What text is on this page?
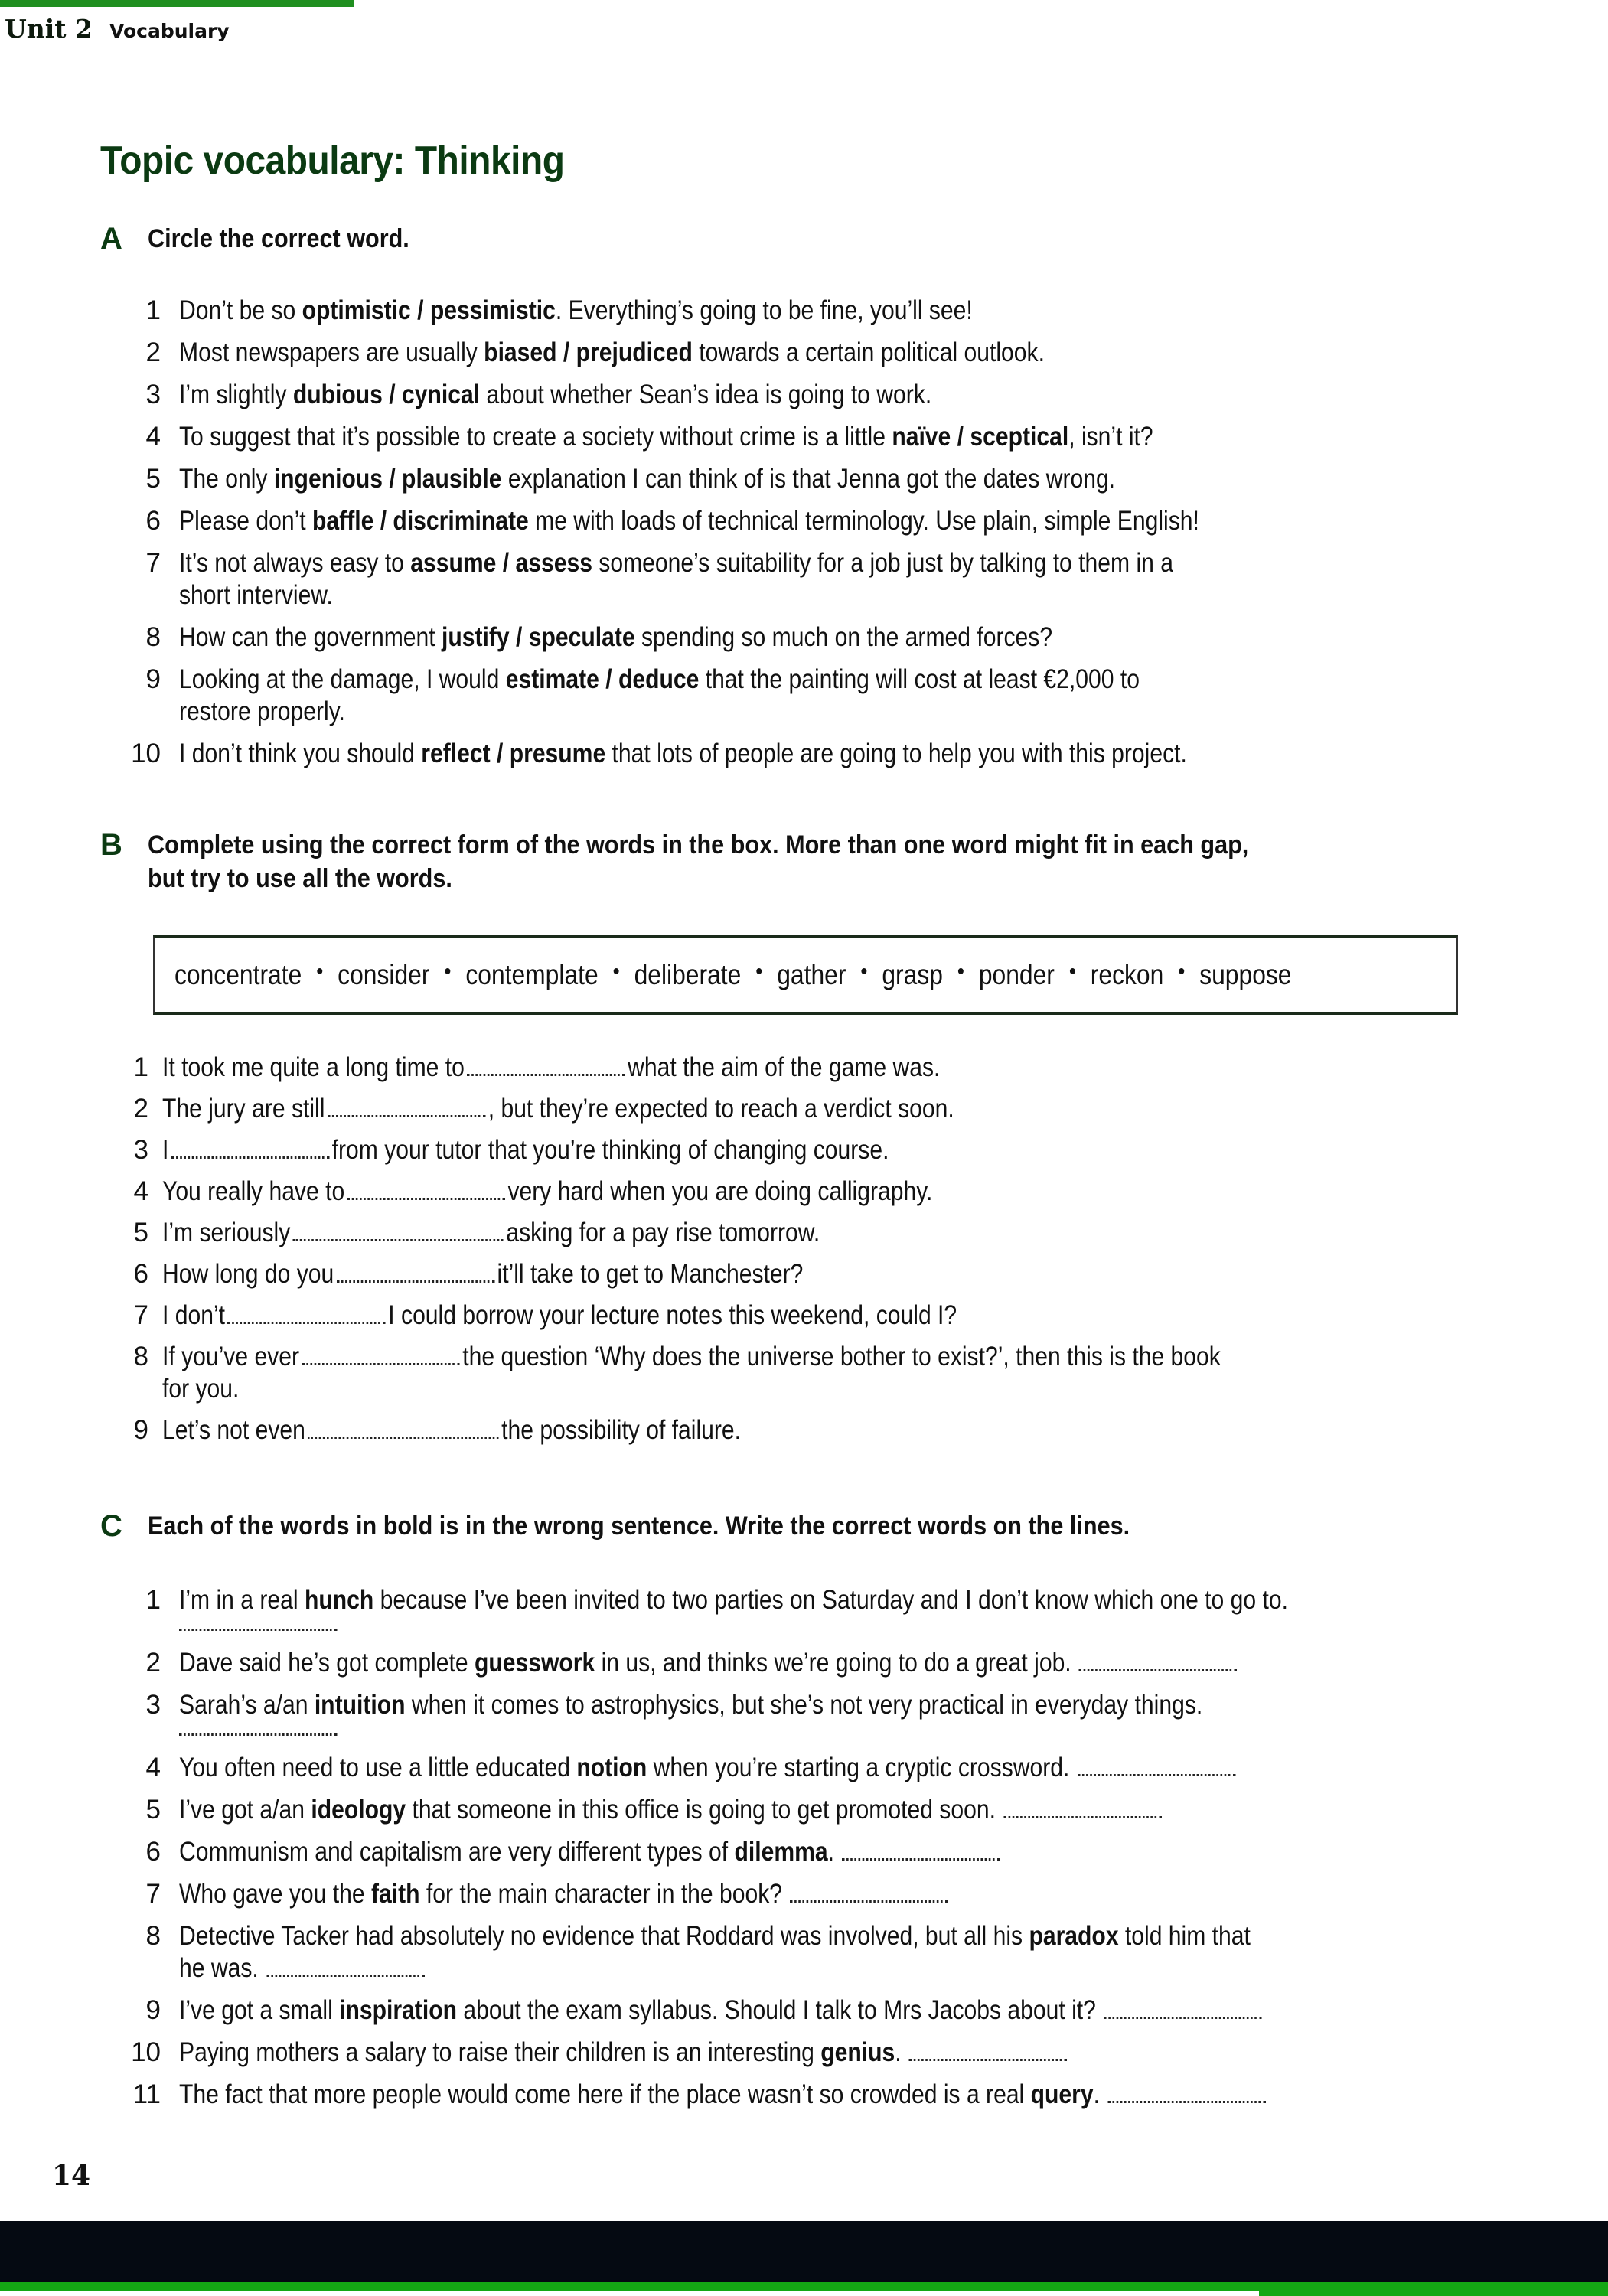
Unit 2 Vocabulary
Topic vocabulary: Thinking
A Circle the correct word.
1 Don’t be so optimistic / pessimistic. Everything’s going to be fine, you’ll see!
2 Most newspapers are usually biased / prejudiced towards a certain political outlook.
3 I’m slightly dubious / cynical about whether Sean’s idea is going to work.
4 To suggest that it’s possible to create a society without crime is a little naïve / sceptical, isn’t it?
5 The only ingenious / plausible explanation I can think of is that Jenna got the dates wrong.
6 Please don’t baffle / discriminate me with loads of technical terminology. Use plain, simple English!
7 It’s not always easy to assume / assess someone’s suitability for a job just by talking to them in a
short interview.
8 How can the government justify / speculate spending so much on the armed forces?
9 Looking at the damage, I would estimate / deduce that the painting will cost at least €2,000 to
restore properly.
10 I don’t think you should reflect / presume that lots of people are going to help you with this project.
B Complete using the correct form of the words in the box. More than one word might fit in each gap,
but try to use all the words.
concentrate • consider • contemplate • deliberate • gather • grasp • ponder • reckon • suppose
1 It took me quite a long time to	what the aim of the game was.
2 The jury are still	, but they’re expected to reach a verdict soon.
3 I	from your tutor that you’re thinking of changing course.
4 You really have to	very hard when you are doing calligraphy.
5 I’m seriously	asking for a pay rise tomorrow.
6 How long do you	it’ll take to get to Manchester?
7 I don’t	I could borrow your lecture notes this weekend, could I?
8 If you’ve ever	the question ‘Why does the universe bother to exist?’, then this is the book
for you.
9 Let’s not even	the possibility of failure.
C Each of the words in bold is in the wrong sentence. Write the correct words on the lines.
1 I’m in a real hunch because I’ve been invited to two parties on Saturday and I don’t know which one to go to.
2 Dave said he’s got complete guesswork in us, and thinks we’re going to do a great job.
3 Sarah’s a/an intuition when it comes to astrophysics, but she’s not very practical in everyday things.
4 You often need to use a little educated notion when you’re starting a cryptic crossword.
5 I’ve got a/an ideology that someone in this office is going to get promoted soon.
6 Communism and capitalism are very different types of dilemma.
7 Who gave you the faith for the main character in the book?
8 Detective Tacker had absolutely no evidence that Roddard was involved, but all his paradox told him that
he was.
9 I’ve got a small inspiration about the exam syllabus. Should I talk to Mrs Jacobs about it?
10 Paying mothers a salary to raise their children is an interesting genius.
11 The fact that more people would come here if the place wasn’t so crowded is a real query.
14
